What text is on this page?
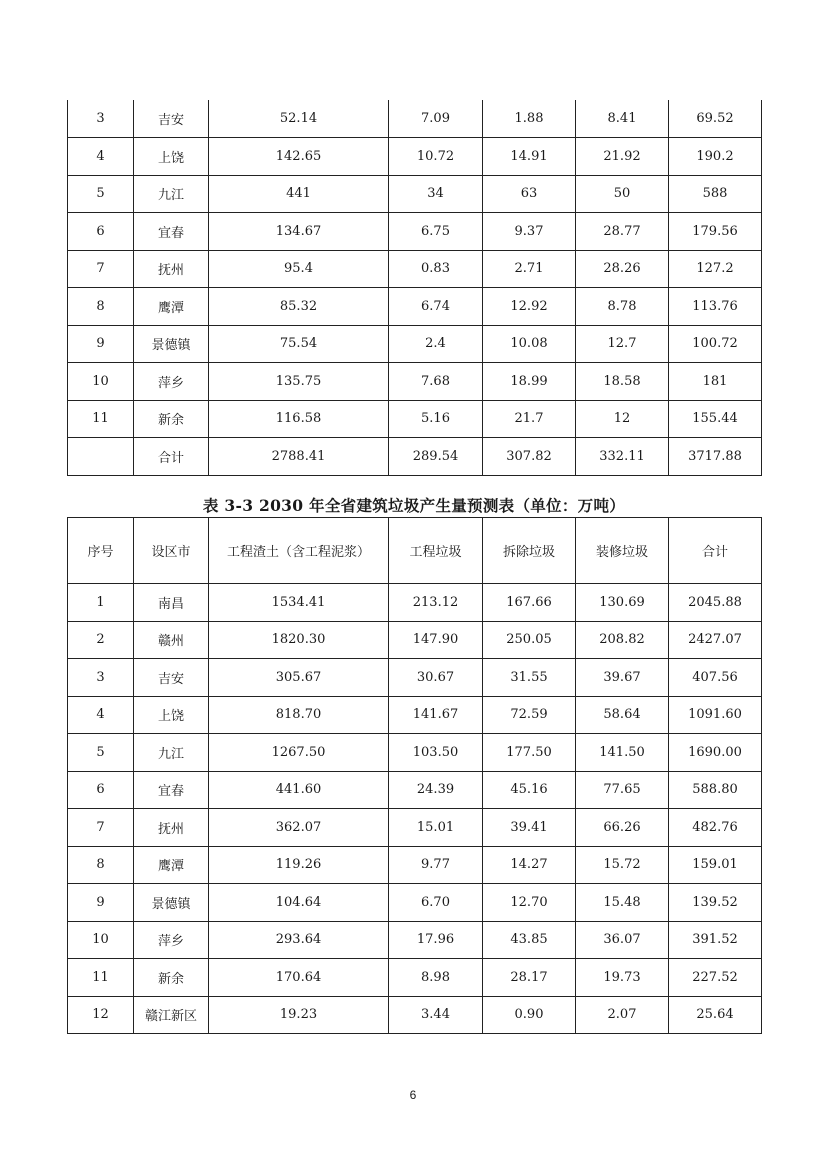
3	吉安	52.14	7.09	1.88	8.41	69.52
4	上饶	142.65	10.72	14.91	21.92	190.2
5	九江	441	34	63	50	588
6	宜春	134.67	6.75	9.37	28.77	179.56
7	抚州	95.4	0.83	2.71	28.26	127.2
8	鹰潭	85.32	6.74	12.92	8.78	113.76
9	景德镇	75.54	2.4	10.08	12.7	100.72
10	萍乡	135.75	7.68	18.99	18.58	181
11	新余	116.58	5.16	21.7	12	155.44
	合计	2788.41	289.54	307.82	332.11	3717.88
表 3-3 2030 年全省建筑垃圾产生量预测表（单位：万吨）
序号	设区市	工程渣土（含工程泥浆）	工程垃圾	拆除垃圾	装修垃圾	合计
1	南昌	1534.41	213.12	167.66	130.69	2045.88
2	赣州	1820.30	147.90	250.05	208.82	2427.07
3	吉安	305.67	30.67	31.55	39.67	407.56
4	上饶	818.70	141.67	72.59	58.64	1091.60
5	九江	1267.50	103.50	177.50	141.50	1690.00
6	宜春	441.60	24.39	45.16	77.65	588.80
7	抚州	362.07	15.01	39.41	66.26	482.76
8	鹰潭	119.26	9.77	14.27	15.72	159.01
9	景德镇	104.64	6.70	12.70	15.48	139.52
10	萍乡	293.64	17.96	43.85	36.07	391.52
11	新余	170.64	8.98	28.17	19.73	227.52
12	赣江新区	19.23	3.44	0.90	2.07	25.64
6
